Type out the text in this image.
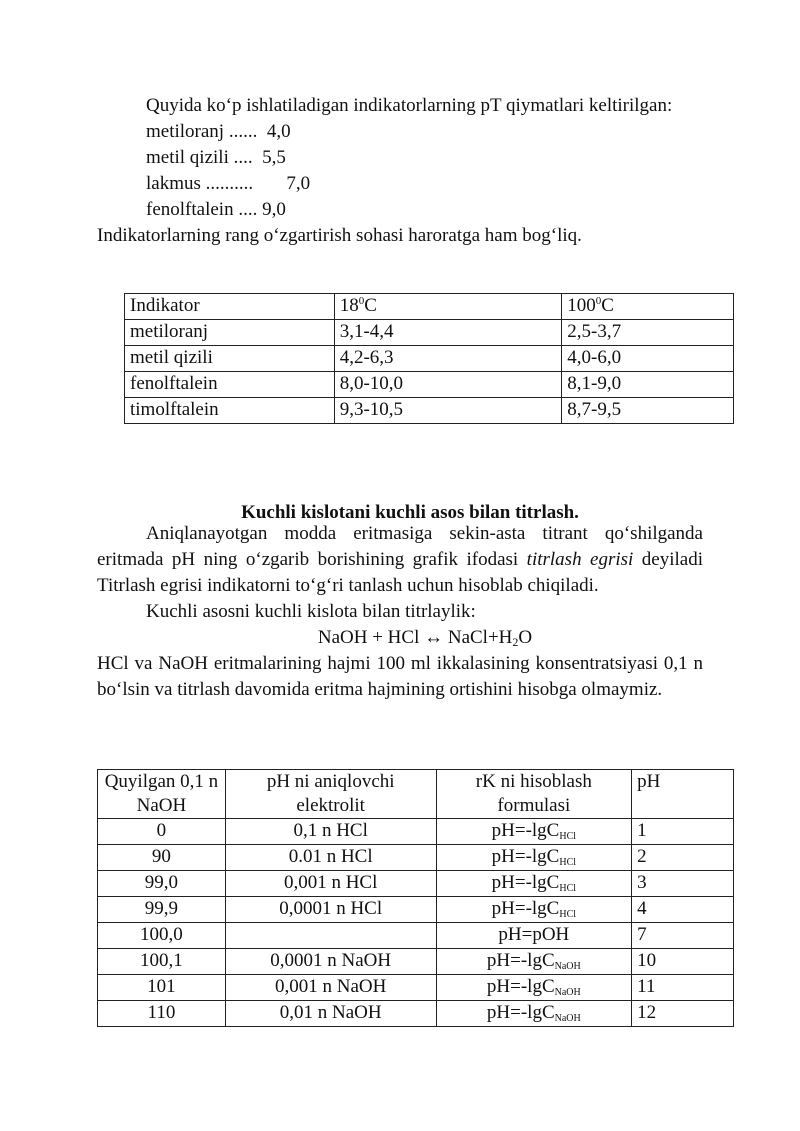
Quyida ko‘p ishlatiladigan indikatorlarning pT qiymatlari keltirilgan:

metiloranj ......  4,0
metil qizili ....  5,5
lakmus ..........       7,0
fenolftalein .... 9,0

Indikatorlarning rang o‘zgartirish sohasi haroratga ham bog‘liq.

Indikator	$18^0C$	$100^0C$
metiloranj	3,1-4,4	2,5-3,7
metil qizili	4,2-6,3	4,0-6,0
fenolftalein	8,0-10,0	8,1-9,0
timolftalein	9,3-10,5	8,7-9,5

Kuchli kislotani kuchli asos bilan titrlash.

Aniqlanayotgan modda eritmasiga sekin-asta titrant qo‘shilganda eritmada pH ning o‘zgarib borishining grafik ifodasi titrlash egrisi deyiladi Titrlash egrisi indikatorni to‘g‘ri tanlash uchun hisoblab chiqiladi.

Kuchli asosni kuchli kislota bilan titrlaylik:

NaOH + HCl ↔ $NaCl+H_2O$

HCl va NaOH eritmalarining hajmi 100 ml ikkalasining konsentratsiyasi 0,1 n bo‘lsin va titrlash davomida eritma hajmining ortishini hisobga olmaymiz.

Quyilgan 0,1 n NaOH	pH ni aniqlovchi elektrolit	rK ni hisoblash formulasi	pH
0	0,1 n HCl	pH=-lgC$_{HCl}$	1
90	0.01 n HCl	pH=-lgC$_{HCl}$	2
99,0	0,001 n HCl	pH=-lgC$_{HCl}$	3
99,9	0,0001 n HCl	pH=-lgC$_{HCl}$	4
100,0		pH=pOH	7
100,1	0,0001 n NaOH	pH=-lgC$_{NaOH}$	10
101	0,001 n NaOH	pH=-lgC$_{NaOH}$	11
110	0,01 n NaOH	pH=-lgC$_{NaOH}$	12
